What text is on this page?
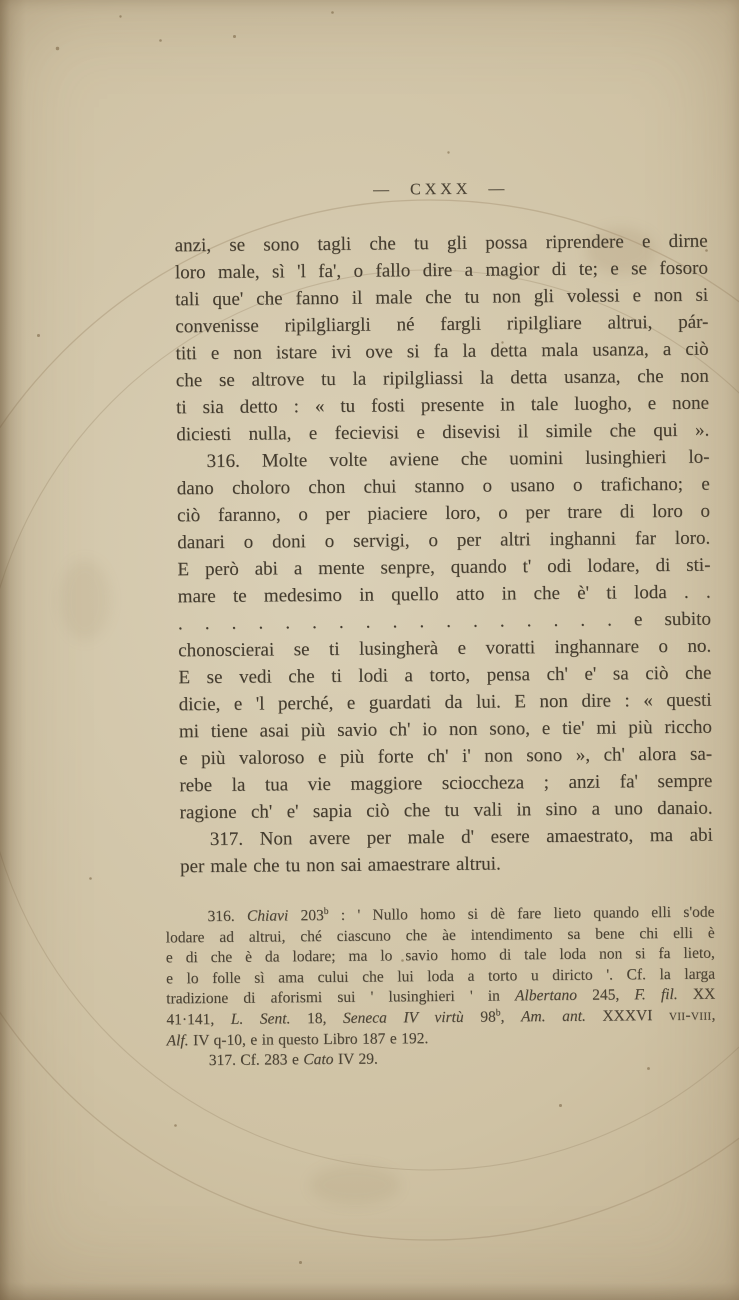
— CXXX —
anzi, se sono tagli che tu gli possa riprendere e dirne
loro male, sì 'l fa', o fallo dire a magior di te; e se fosoro
tali que' che fanno il male che tu non gli volessi e non si
convenisse ripilgliargli né fargli ripilgliare altrui, pár-
titi e non istare ivi ove si fa la detta mala usanza, a ciò
che se altrove tu la ripilgliassi la detta usanza, che non
ti sia detto : « tu fosti presente in tale luogho, e none
diciesti nulla, e fecievisi e disevisi il simile che qui ».
316. Molte volte aviene che uomini lusinghieri lo-
dano choloro chon chui stanno o usano o trafichano; e
ciò faranno, o per piaciere loro, o per trare di loro o
danari o doni o servigi, o per altri inghanni far loro.
E però abi a mente senpre, quando t' odi lodare, di sti-
mare te medesimo in quello atto in che è' ti loda . .
. . . . . . . . . . . . . . . . . e subito
chonoscierai se ti lusingherà e voratti inghannare o no.
E se vedi che ti lodi a torto, pensa ch' e' sa ciò che
dicie, e 'l perché, e guardati da lui. E non dire : « questi
mi tiene asai più savio ch' io non sono, e tie' mi più riccho
e più valoroso e più forte ch' i' non sono », ch' alora sa-
rebe la tua vie maggiore scioccheza ; anzi fa' sempre
ragione ch' e' sapia ciò che tu vali in sino a uno danaio.
317. Non avere per male d' esere amaestrato, ma abi
per male che tu non sai amaestrare altrui.
316. Chiavi 203$^b$ : ' Nullo homo si dè fare lieto quando elli s'ode
lodare ad altrui, ché ciascuno che àe intendimento sa bene chi elli è
e di che è da lodare; ma lo savio homo di tale loda non si fa lieto,
e lo folle sì ama cului che lui loda a torto u diricto '. Cf. la larga
tradizione di aforismi sui ' lusinghieri ' in Albertano 245, F. fil. XX
41·141, L. Sent. 18, Seneca IV virtù 98$^b$, Am. ant. XXXVI vii-viii,
Alf. IV q-10, e in questo Libro 187 e 192.
317. Cf. 283 e Cato IV 29.
